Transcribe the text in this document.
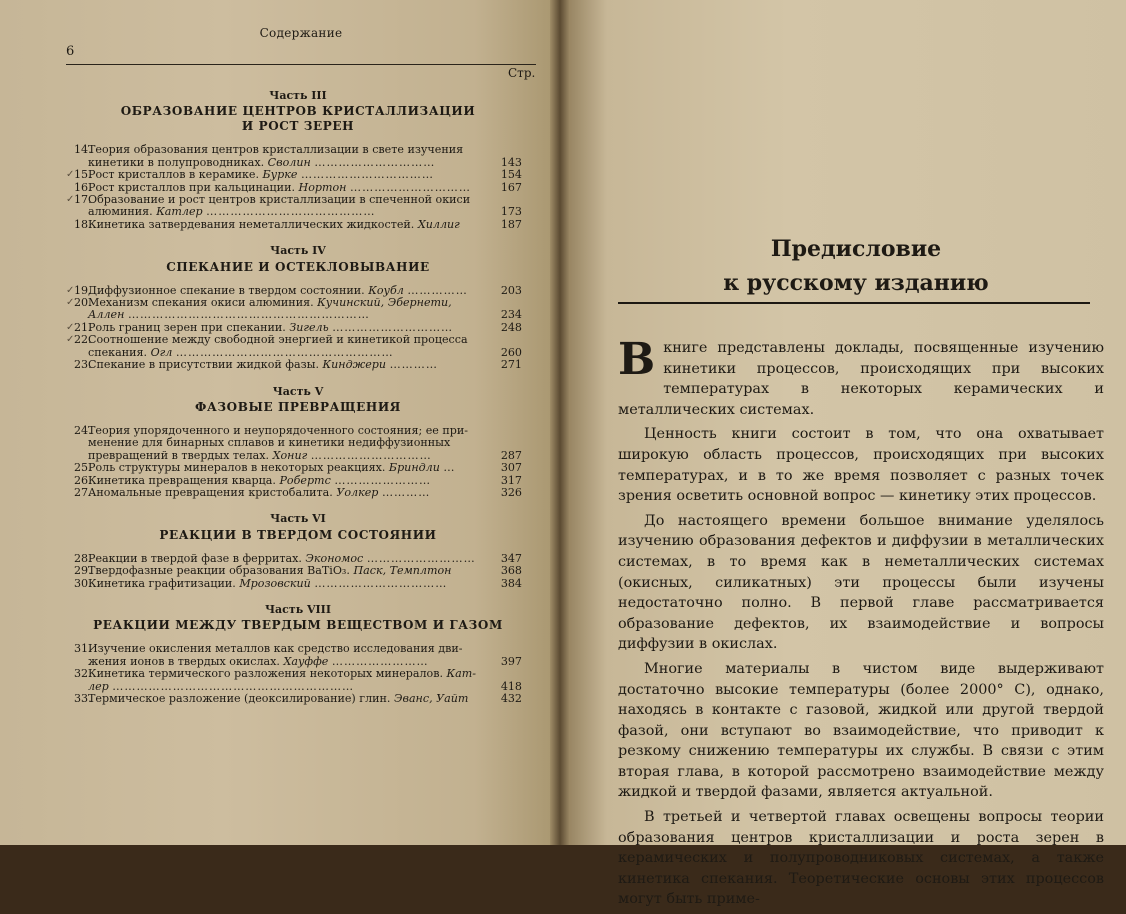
Содержание
6
Стр.
Часть III
ОБРАЗОВАНИЕ ЦЕНТРОВ КРИСТАЛЛИЗАЦИИ
И РОСТ ЗЕРЕН
14.
Теория образования центров кристаллизации в свете изучения
кинетики в полупроводниках. Сволин …………………………	143
✓ 15.
Рост кристаллов в керамике. Бурке ……………………………	154
16.
Рост кристаллов при кальцинации. Нортон …………………………	167
✓ 17.
Образование и рост центров кристаллизации в спеченной окиси
алюминия. Катлер ……………………………………	173
18.
Кинетика затвердевания неметаллических жидкостей. Хиллиг	187
Часть IV
СПЕКАНИЕ И ОСТЕКЛОВЫВАНИЕ
✓ 19.
Диффузионное спекание в твердом состоянии. Коубл ……………	203
✓ 20.
Механизм спекания окиси алюминия. Кучинский, Эбернети,
Аллен ……………………………………………………	234
✓ 21.
Роль границ зерен при спекании. Зигель …………………………	248
✓ 22.
Соотношение между свободной энергией и кинетикой процесса
спекания. Огл ………………………………………………	260
23.
Спекание в присутствии жидкой фазы. Кинджери …………	271
Часть V
ФАЗОВЫЕ ПРЕВРАЩЕНИЯ
24.
Теория упорядоченного и неупорядоченного состояния; ее при-
менение для бинарных сплавов и кинетики недиффузионных
превращений в твердых телах. Хониг …………………………	287
25.
Роль структуры минералов в некоторых реакциях. Бриндли …	307
26.
Кинетика превращения кварца. Робертс ……………………	317
27.
Аномальные превращения кристобалита. Уолкер …………	326
Часть VI
РЕАКЦИИ В ТВЕРДОМ СОСТОЯНИИ
28.
Реакции в твердой фазе в ферритах. Экономос ………………………	347
29.
Твердофазные реакции образования BaTiO₃. Паск, Темплтон	368
30.
Кинетика графитизации. Мрозовский ……………………………	384
Часть VIII
РЕАКЦИИ МЕЖДУ ТВЕРДЫМ ВЕЩЕСТВОМ И ГАЗОМ
31.
Изучение окисления металлов как средство исследования дви-
жения ионов в твердых окислах. Хауффе ……………………	397
32.
Кинетика термического разложения некоторых минералов. Кат-
лер ……………………………………………………	418
33.
Термическое разложение (деоксилирование) глин. Эванс, Уайт	432
Предисловие
к русскому изданию

Вкниге представлены доклады, посвященные изучению кинетики процессов, происходящих при высоких температурах в некоторых керамических и металлических системах.

Ценность книги состоит в том, что она охватывает широкую область процессов, происходящих при высоких температурах, и в то же время позволяет с разных точек зрения осветить основной вопрос — кинетику этих процессов.

До настоящего времени большое внимание уделялось изучению образования дефектов и диффузии в металлических системах, в то время как в неметаллических системах (окисных, силикатных) эти процессы были изучены недостаточно полно. В первой главе рассматривается образование дефектов, их взаимодействие и вопросы диффузии в окислах.

Многие материалы в чистом виде выдерживают достаточно высокие температуры (более 2000° С), однако, находясь в контакте с газовой, жидкой или другой твердой фазой, они вступают во взаимодействие, что приводит к резкому снижению температуры их службы. В связи с этим вторая глава, в которой рассмотрено взаимодействие между жидкой и твердой фазами, является актуальной.

В третьей и четвертой главах освещены вопросы теории образования центров кристаллизации и роста зерен в керамических и полупроводниковых системах, а также кинетика спекания. Теоретические основы этих процессов могут быть приме-
